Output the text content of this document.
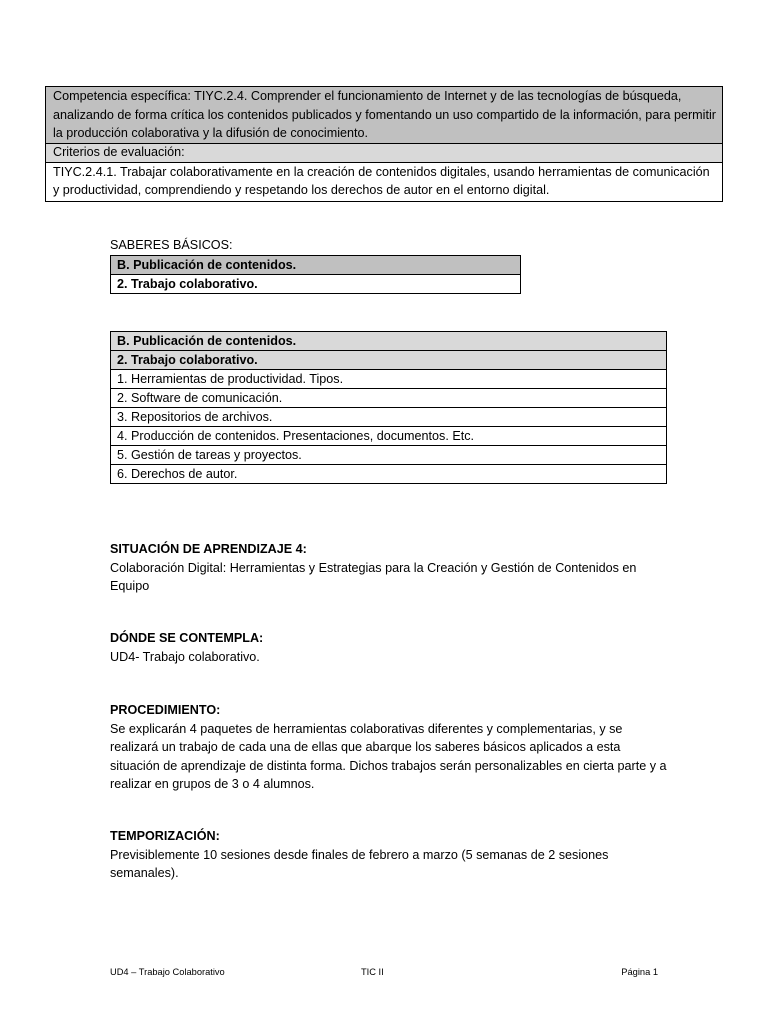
Competencia específica: TIYC.2.4. Comprender el funcionamiento de Internet y de las tecnologías de búsqueda, analizando de forma crítica los contenidos publicados y fomentando un uso compartido de la información, para permitir la producción colaborativa y la difusión de conocimiento.
Criterios de evaluación:
TIYC.2.4.1. Trabajar colaborativamente en la creación de contenidos digitales, usando herramientas de comunicación y productividad, comprendiendo y respetando los derechos de autor en el entorno digital.
SABERES BÁSICOS:
B. Publicación de contenidos.
2. Trabajo colaborativo.
B. Publicación de contenidos.
2. Trabajo colaborativo.
1. Herramientas de productividad. Tipos.
2. Software de comunicación.
3. Repositorios de archivos.
4. Producción de contenidos. Presentaciones, documentos. Etc.
5. Gestión de tareas y proyectos.
6. Derechos de autor.
SITUACIÓN DE APRENDIZAJE 4:
Colaboración Digital: Herramientas y Estrategias para la Creación y Gestión de Contenidos en Equipo
DÓNDE SE CONTEMPLA:
UD4- Trabajo colaborativo.
PROCEDIMIENTO:
Se explicarán 4 paquetes de herramientas colaborativas diferentes y complementarias, y se realizará un trabajo de cada una de ellas que abarque los saberes básicos aplicados a esta situación de aprendizaje de distinta forma. Dichos trabajos serán personalizables en cierta parte y a realizar en grupos de 3 o 4 alumnos.
TEMPORIZACIÓN:
Previsiblemente 10 sesiones desde finales de febrero a marzo (5 semanas de 2 sesiones semanales).
UD4 – Trabajo Colaborativo	TIC II	Página 1
